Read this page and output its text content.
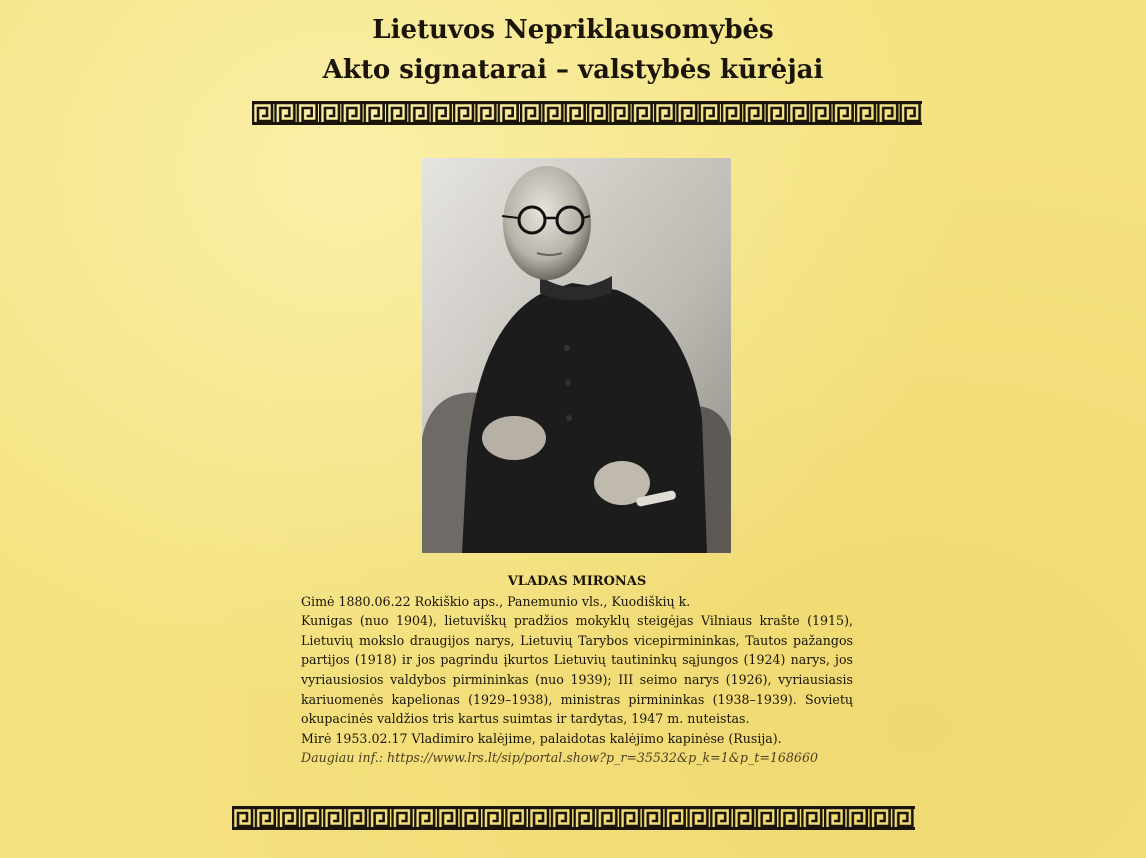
Lietuvos Nepriklausomybės
Akto signatarai – valstybės kūrėjai

VLADAS MIRONAS

Gimė 1880.06.22 Rokiškio aps., Panemunio vls., Kuodiškių k.

Kunigas (nuo 1904), lietuviškų pradžios mokyklų steigėjas Vilniaus krašte (1915), Lietuvių mokslo draugijos narys, Lietuvių Tarybos vicepirmininkas, Tautos pažangos partijos (1918) ir jos pagrindu įkurtos Lietuvių tautininkų sąjungos (1924) narys, jos vyriausiosios valdybos pirmininkas (nuo 1939); III seimo narys (1926), vyriausiasis kariuomenės kapelionas (1929–1938), ministras pirmininkas (1938–1939). Sovietų okupacinės valdžios tris kartus suimtas ir tardytas, 1947 m. nuteistas.

Mirė 1953.02.17 Vladimiro kalėjime, palaidotas kalėjimo kapinėse (Rusija).

Daugiau inf.: https://www.lrs.lt/sip/portal.show?p_r=35532&p_k=1&p_t=168660
